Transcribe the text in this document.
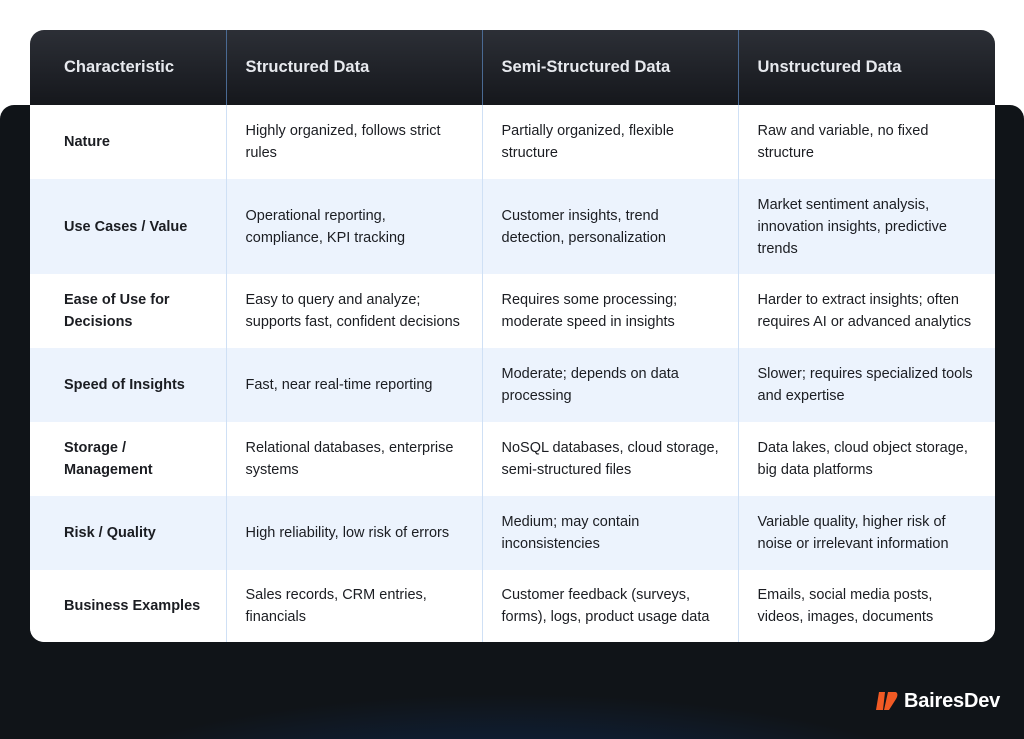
Characteristic	Structured Data	Semi-Structured Data	Unstructured Data
Nature	Highly organized, follows strict rules	Partially organized, flexible structure	Raw and variable, no fixed structure
Use Cases / Value	Operational reporting, compliance, KPI tracking	Customer insights, trend detection, personalization	Market sentiment analysis, innovation insights, predictive trends
Ease of Use for Decisions	Easy to query and analyze; supports fast, confident decisions	Requires some processing; moderate speed in insights	Harder to extract insights; often requires AI or advanced analytics
Speed of Insights	Fast, near real-time reporting	Moderate; depends on data processing	Slower; requires specialized tools and expertise
Storage / Management	Relational databases, enterprise systems	NoSQL databases, cloud storage, semi-structured files	Data lakes, cloud object storage, big data platforms
Risk / Quality	High reliability, low risk of errors	Medium; may contain inconsistencies	Variable quality, higher risk of noise or irrelevant information
Business Examples	Sales records, CRM entries, financials	Customer feedback (surveys, forms), logs, product usage data	Emails, social media posts, videos, images, documents
BairesDev
